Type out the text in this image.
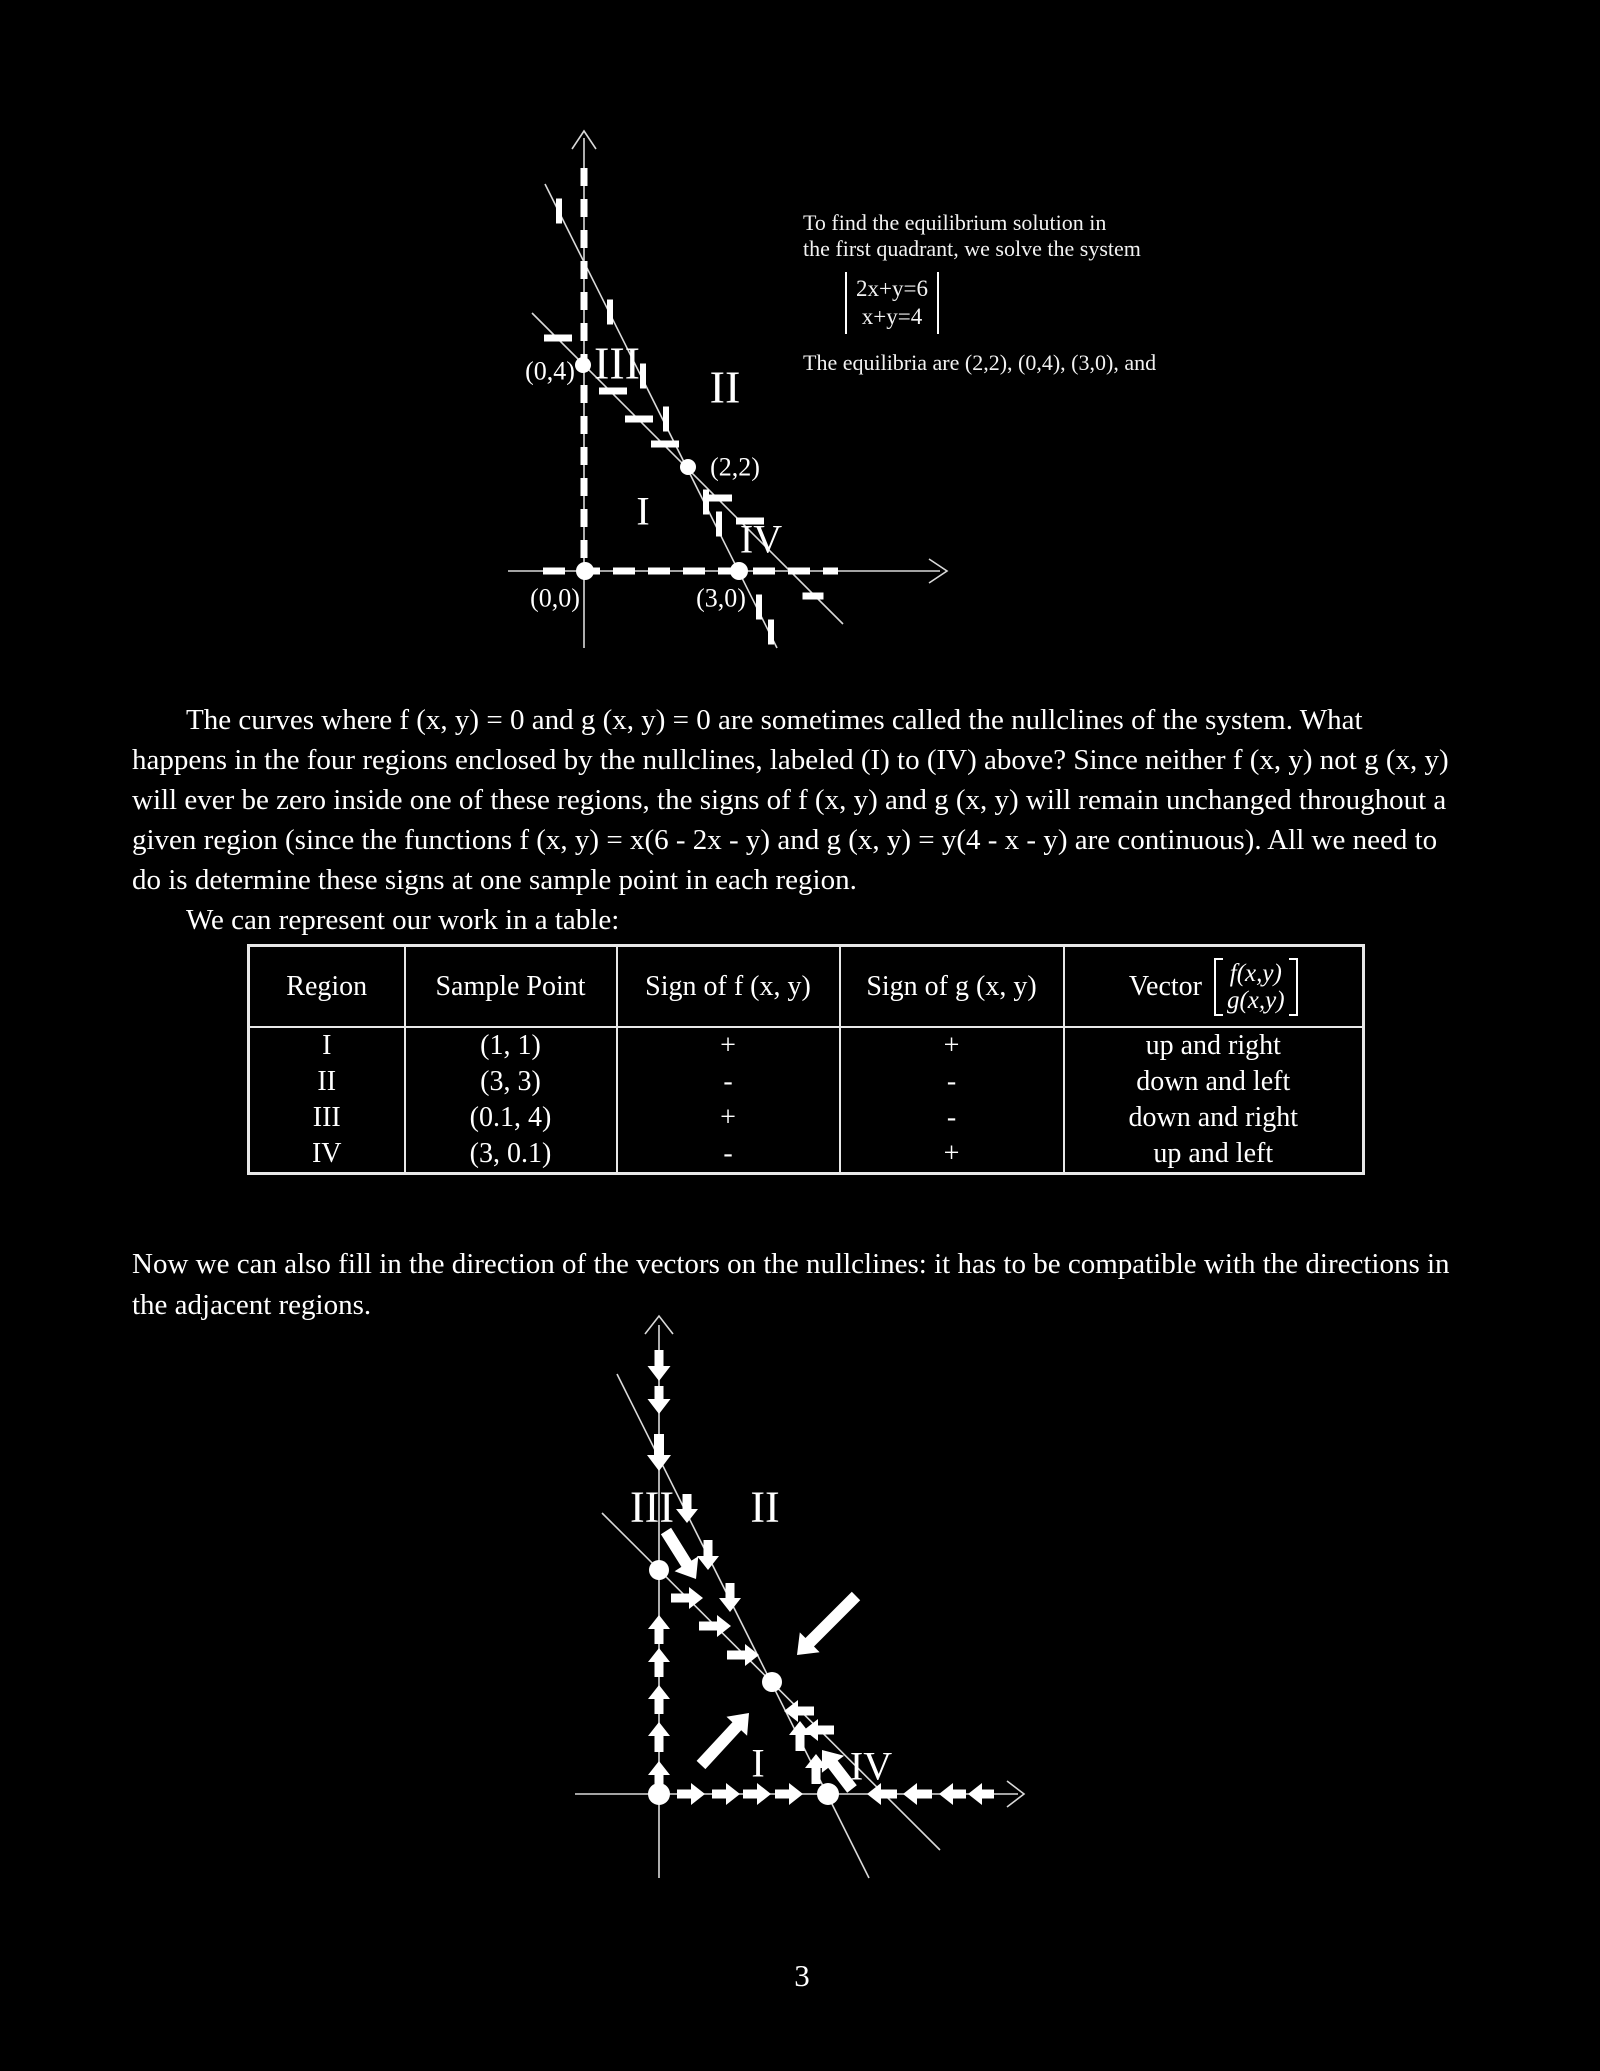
(0,4) III II
(2,2)
I
IV
(0,0)	(3,0)
To find the equilibrium solution in
the first quadrant, we solve the system
2x+y=6
x+y=4
The equilibria are (2,2), (0,4), (3,0), and

The curves where f (x, y) = 0 and g (x, y) = 0 are sometimes called the nullclines of the system. What happens in the four regions enclosed by the nullclines, labeled (I) to (IV) above? Since neither f (x, y) not g (x, y) will ever be zero inside one of these regions, the signs of f (x, y) and g (x, y) will remain unchanged throughout a given region (since the functions f (x, y) = x(6 - 2x - y) and g (x, y) = y(4 - x - y) are continuous). All we need to do is determine these signs at one sample point in each region.

We can represent our work in a table:

Region	Sample Point	Sign of f (x, y)	Sign of g (x, y)	Vector f(x,y)
g(x,y)

I	(1, 1)	+	+	up and right
II	(3, 3)	-	-	down and left
III	(0.1, 4)	+	-	down and right
IV	(3, 0.1)	-	+	up and left
Now we can also fill in the direction of the vectors on the nullclines: it has to be compatible with the directions in the adjacent regions.
III II
I IV
3
